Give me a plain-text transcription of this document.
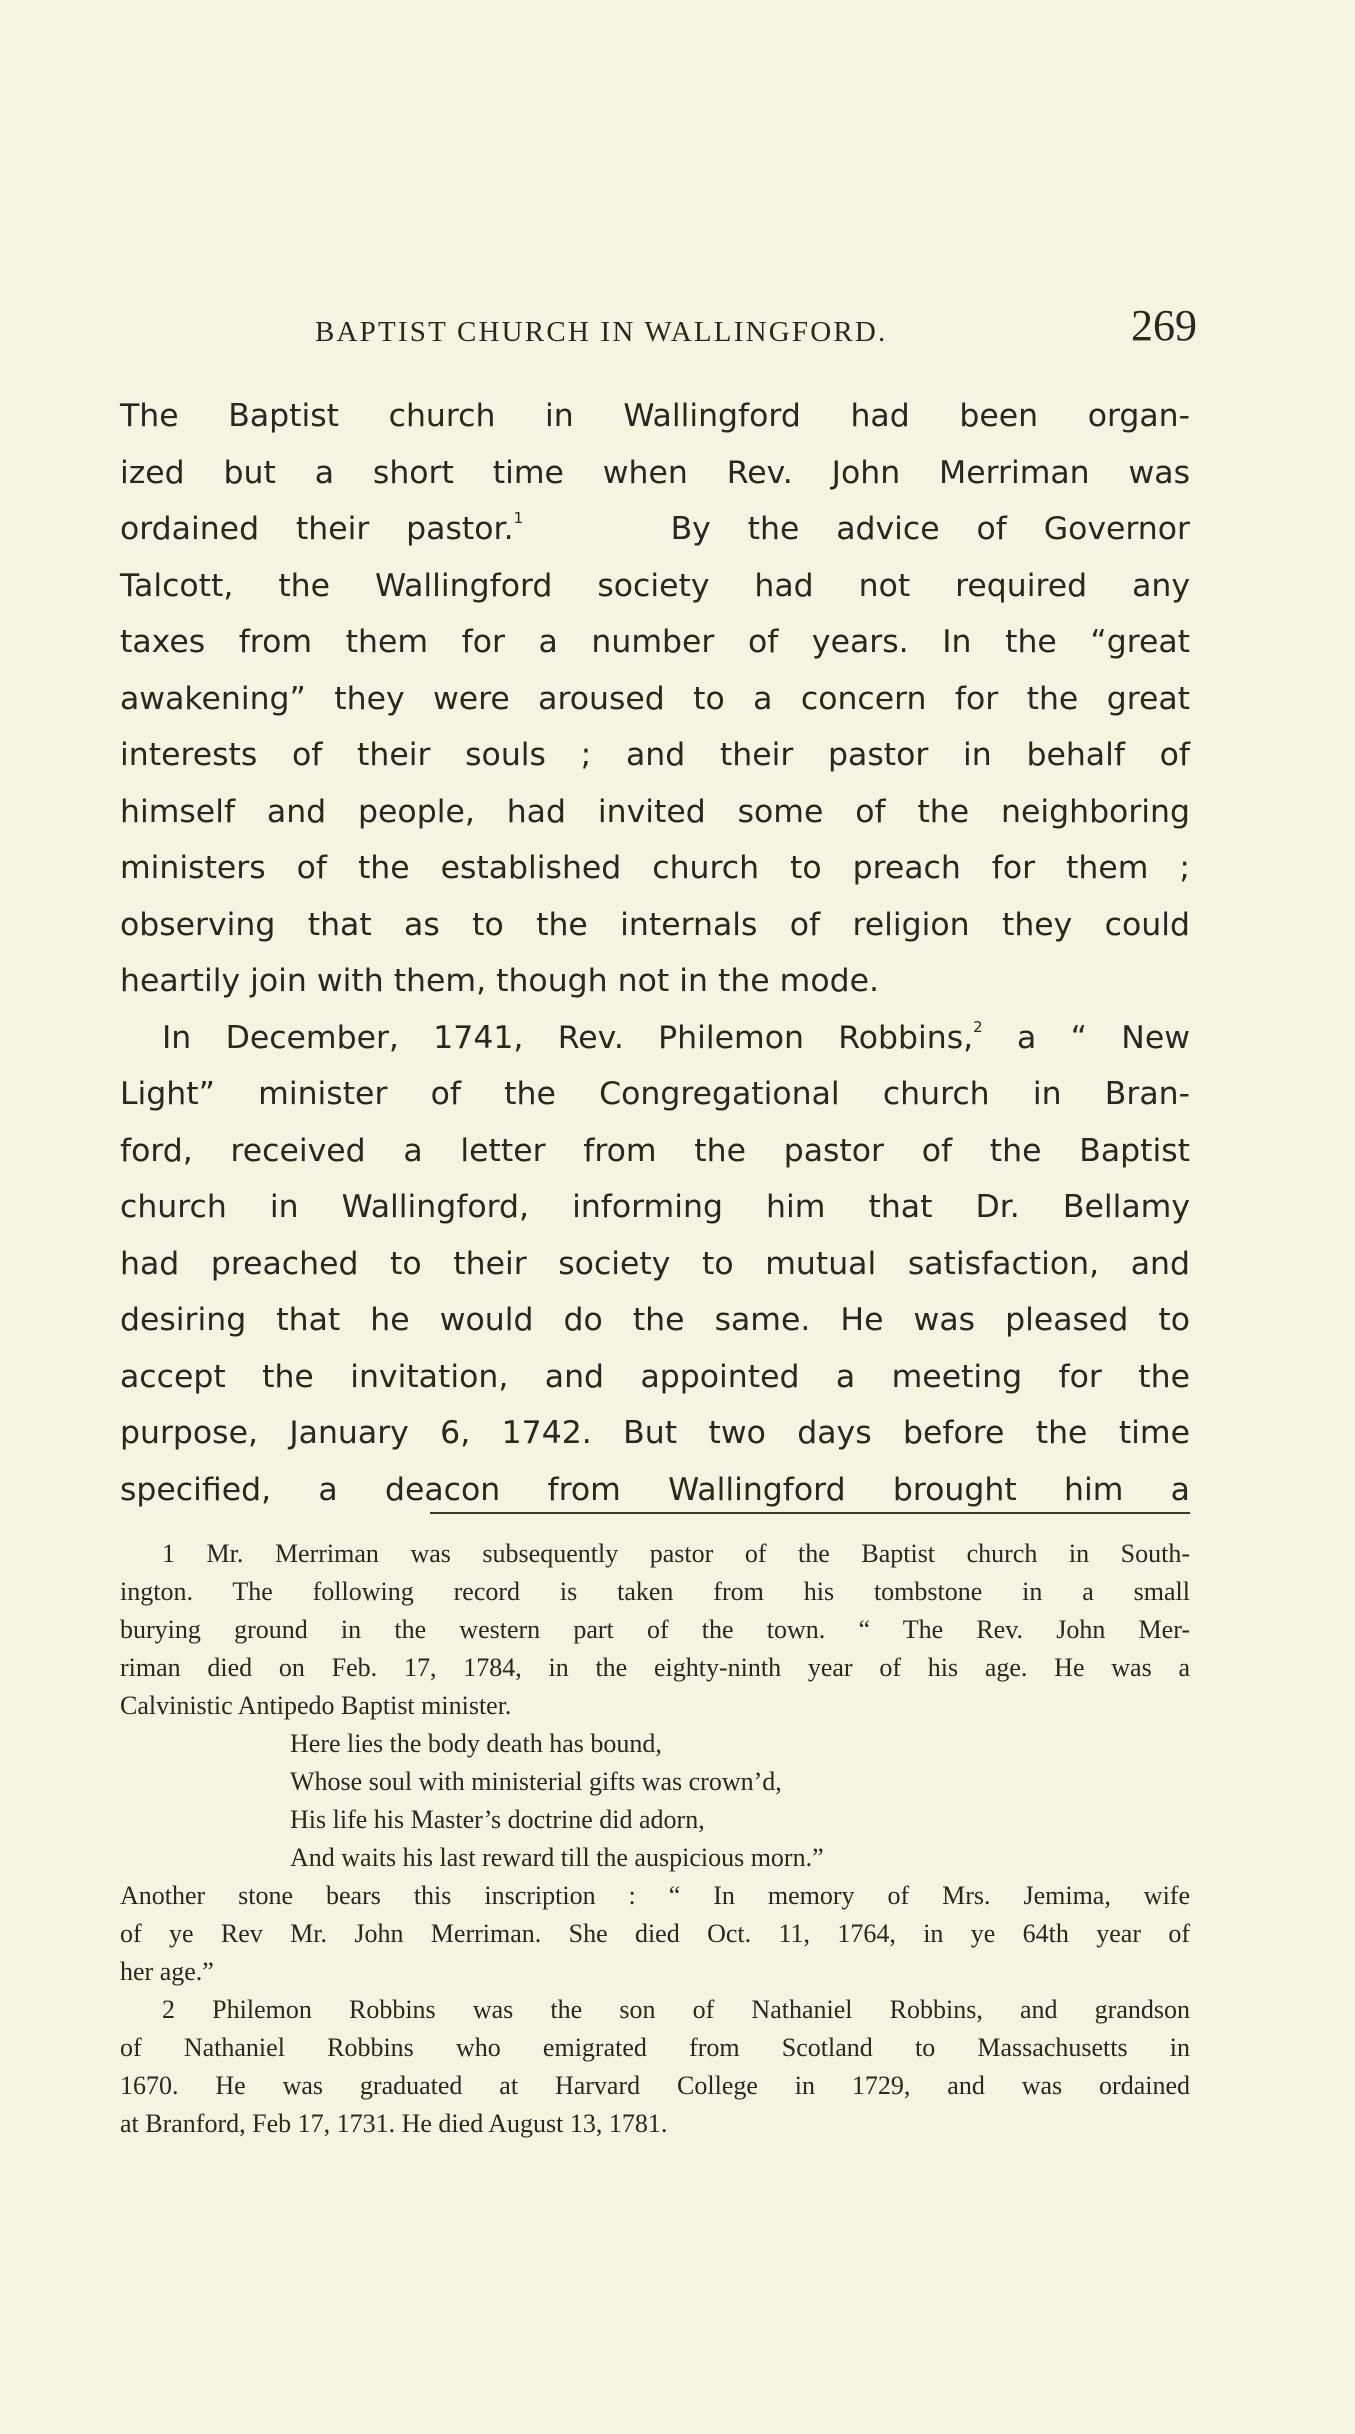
BAPTIST CHURCH IN WALLINGFORD.	269
The Baptist church in Wallingford had been organ-
ized but a short time when Rev. John Merriman was
ordained their pastor.$^1$	By the advice of Governor
Talcott, the Wallingford society had not required any
taxes from them for a number of years. In the “great
awakening” they were aroused to a concern for the great
interests of their souls ; and their pastor in behalf of
himself and people, had invited some of the neighboring
ministers of the established church to preach for them ;
observing that as to the internals of religion they could
heartily join with them, though not in the mode.
In December, 1741, Rev. Philemon Robbins,$^2$ a “ New
Light” minister of the Congregational church in Bran-
ford, received a letter from the pastor of the Baptist
church in Wallingford, informing him that Dr. Bellamy
had preached to their society to mutual satisfaction, and
desiring that he would do the same. He was pleased to
accept the invitation, and appointed a meeting for the
purpose, January 6, 1742. But two days before the time
specified, a deacon from Wallingford brought him a
1 Mr. Merriman was subsequently pastor of the Baptist church in South-
ington. The following record is taken from his tombstone in a small
burying ground in the western part of the town. “ The Rev. John Mer-
riman died on Feb. 17, 1784, in the eighty-ninth year of his age. He was a
Calvinistic Antipedo Baptist minister.
Here lies the body death has bound,
Whose soul with ministerial gifts was crown’d,
His life his Master’s doctrine did adorn,
And waits his last reward till the auspicious morn.”
Another stone bears this inscription : “ In memory of Mrs. Jemima, wife
of ye Rev Mr. John Merriman. She died Oct. 11, 1764, in ye 64th year of
her age.”
2 Philemon Robbins was the son of Nathaniel Robbins, and grandson
of Nathaniel Robbins who emigrated from Scotland to Massachusetts in
1670. He was graduated at Harvard College in 1729, and was ordained
at Branford, Feb 17, 1731. He died August 13, 1781.
